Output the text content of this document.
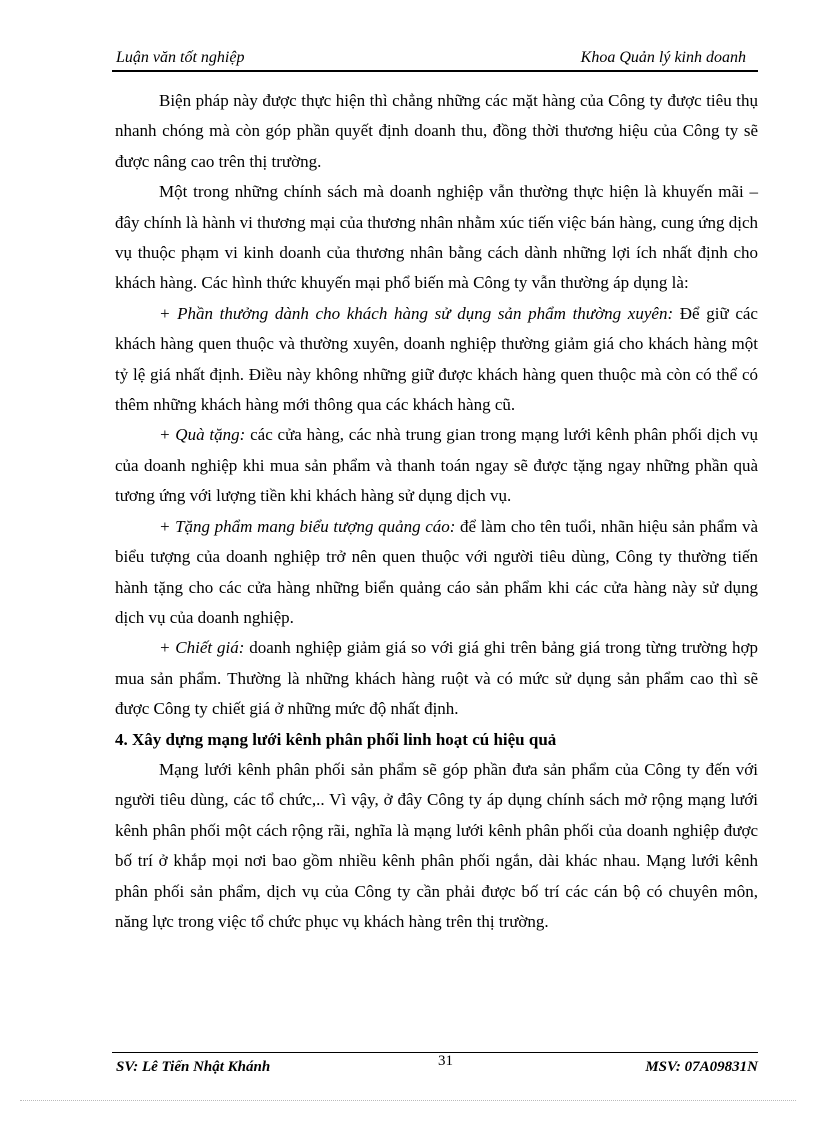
Luận văn tốt nghiệp	Khoa Quản lý kinh doanh

Biện pháp này được thực hiện thì chẳng những các mặt hàng của Công ty được tiêu thụ nhanh chóng mà còn góp phần quyết định doanh thu, đồng thời thương hiệu của Công ty sẽ được nâng cao trên thị trường.

Một trong những chính sách mà doanh nghiệp vẫn thường thực hiện là khuyến mãi – đây chính là hành vi thương mại của thương nhân nhằm xúc tiến việc bán hàng, cung ứng dịch vụ thuộc phạm vi kinh doanh của thương nhân bằng cách dành những lợi ích nhất định cho khách hàng. Các hình thức khuyến mại phổ biến mà Công ty vẫn thường áp dụng là:

+ Phần thưởng dành cho khách hàng sử dụng sản phẩm thường xuyên: Để giữ các khách hàng quen thuộc và thường xuyên, doanh nghiệp thường giảm giá cho khách hàng một tỷ lệ giá nhất định. Điều này không những giữ được khách hàng quen thuộc mà còn có thể có thêm những khách hàng mới thông qua các khách hàng cũ.

+ Quà tặng: các cửa hàng, các nhà trung gian trong mạng lưới kênh phân phối dịch vụ của doanh nghiệp khi mua sản phẩm và thanh toán ngay sẽ được tặng ngay những phần quà tương ứng với lượng tiền khi khách hàng sử dụng dịch vụ.

+ Tặng phẩm mang biểu tượng quảng cáo: để làm cho tên tuổi, nhãn hiệu sản phẩm và biểu tượng của doanh nghiệp trở nên quen thuộc với người tiêu dùng, Công ty thường tiến hành tặng cho các cửa hàng những biển quảng cáo sản phẩm khi các cửa hàng này sử dụng dịch vụ của doanh nghiệp.

+ Chiết giá: doanh nghiệp giảm giá so với giá ghi trên bảng giá trong từng trường hợp mua sản phẩm. Thường là những khách hàng ruột và có mức sử dụng sản phẩm cao thì sẽ được Công ty chiết giá ở những mức độ nhất định.

4. Xây dựng mạng lưới kênh phân phối linh hoạt cú hiệu quả

Mạng lưới kênh phân phối sản phẩm sẽ góp phần đưa sản phẩm của Công ty đến với người tiêu dùng, các tổ chức,.. Vì vậy, ở đây Công ty áp dụng chính sách mở rộng mạng lưới kênh phân phối một cách rộng rãi, nghĩa là mạng lưới kênh phân phối của doanh nghiệp được bố trí ở khắp mọi nơi bao gồm nhiều kênh phân phối ngắn, dài khác nhau. Mạng lưới kênh phân phối sản phẩm, dịch vụ của Công ty cần phải được bố trí các cán bộ có chuyên môn, năng lực trong việc tổ chức phục vụ khách hàng trên thị trường.

SV: Lê Tiến Nhật Khánh	31	MSV: 07A09831N
